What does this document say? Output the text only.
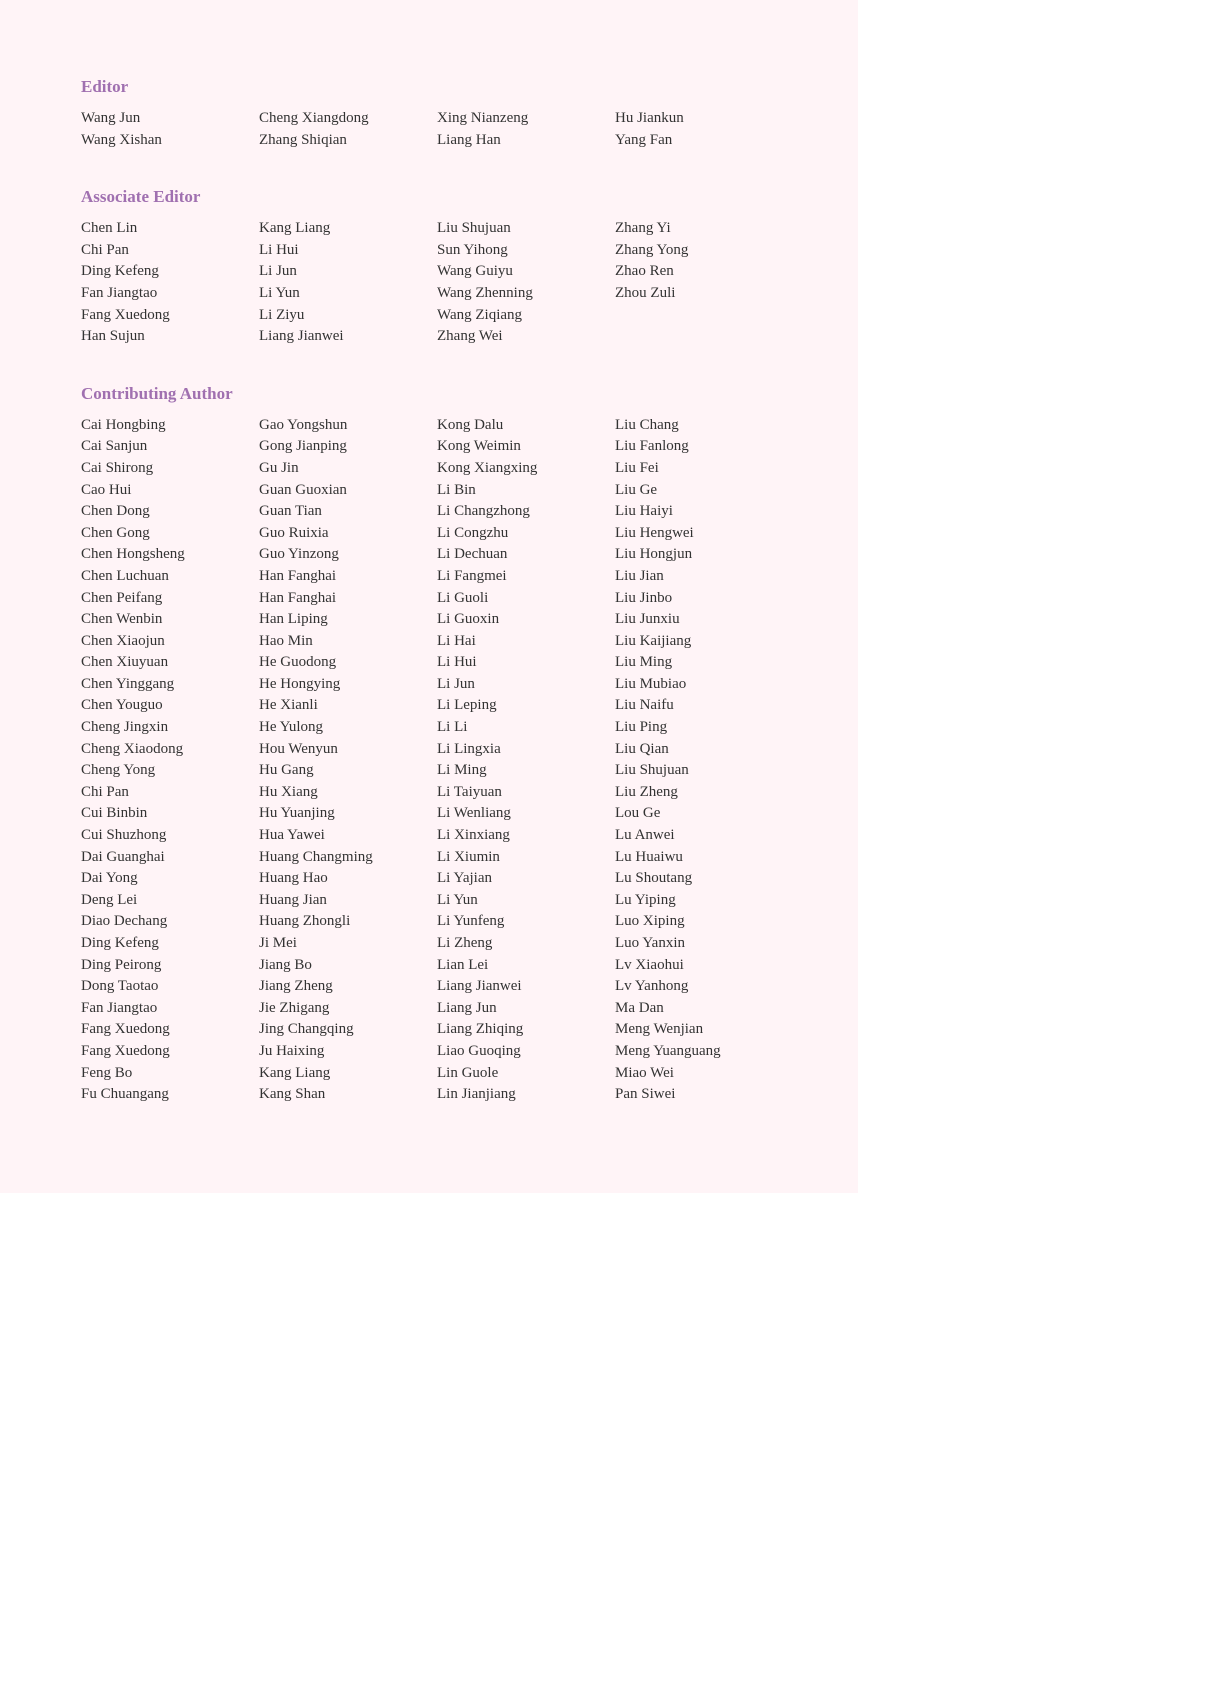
Editor
Wang Jun	Cheng Xiangdong	Xing Nianzeng	Hu Jiankun
Wang Xishan	Zhang Shiqian	Liang Han	Yang Fan
Associate Editor
Chen Lin	Kang Liang	Liu Shujuan	Zhang Yi
Chi Pan	Li Hui	Sun Yihong	Zhang Yong
Ding Kefeng	Li Jun	Wang Guiyu	Zhao Ren
Fan Jiangtao	Li Yun	Wang Zhenning	Zhou Zuli
Fang Xuedong	Li Ziyu	Wang Ziqiang
Han Sujun	Liang Jianwei	Zhang Wei
Contributing Author
Cai Hongbing	Gao Yongshun	Kong Dalu	Liu Chang
Cai Sanjun	Gong Jianping	Kong Weimin	Liu Fanlong
Cai Shirong	Gu Jin	Kong Xiangxing	Liu Fei
Cao Hui	Guan Guoxian	Li Bin	Liu Ge
Chen Dong	Guan Tian	Li Changzhong	Liu Haiyi
Chen Gong	Guo Ruixia	Li Congzhu	Liu Hengwei
Chen Hongsheng	Guo Yinzong	Li Dechuan	Liu Hongjun
Chen Luchuan	Han Fanghai	Li Fangmei	Liu Jian
Chen Peifang	Han Fanghai	Li Guoli	Liu Jinbo
Chen Wenbin	Han Liping	Li Guoxin	Liu Junxiu
Chen Xiaojun	Hao Min	Li Hai	Liu Kaijiang
Chen Xiuyuan	He Guodong	Li Hui	Liu Ming
Chen Yinggang	He Hongying	Li Jun	Liu Mubiao
Chen Youguo	He Xianli	Li Leping	Liu Naifu
Cheng Jingxin	He Yulong	Li Li	Liu Ping
Cheng Xiaodong	Hou Wenyun	Li Lingxia	Liu Qian
Cheng Yong	Hu Gang	Li Ming	Liu Shujuan
Chi Pan	Hu Xiang	Li Taiyuan	Liu Zheng
Cui Binbin	Hu Yuanjing	Li Wenliang	Lou Ge
Cui Shuzhong	Hua Yawei	Li Xinxiang	Lu Anwei
Dai Guanghai	Huang Changming	Li Xiumin	Lu Huaiwu
Dai Yong	Huang Hao	Li Yajian	Lu Shoutang
Deng Lei	Huang Jian	Li Yun	Lu Yiping
Diao Dechang	Huang Zhongli	Li Yunfeng	Luo Xiping
Ding Kefeng	Ji Mei	Li Zheng	Luo Yanxin
Ding Peirong	Jiang Bo	Lian Lei	Lv Xiaohui
Dong Taotao	Jiang Zheng	Liang Jianwei	Lv Yanhong
Fan Jiangtao	Jie Zhigang	Liang Jun	Ma Dan
Fang Xuedong	Jing Changqing	Liang Zhiqing	Meng Wenjian
Fang Xuedong	Ju Haixing	Liao Guoqing	Meng Yuanguang
Feng Bo	Kang Liang	Lin Guole	Miao Wei
Fu Chuangang	Kang Shan	Lin Jianjiang	Pan Siwei
